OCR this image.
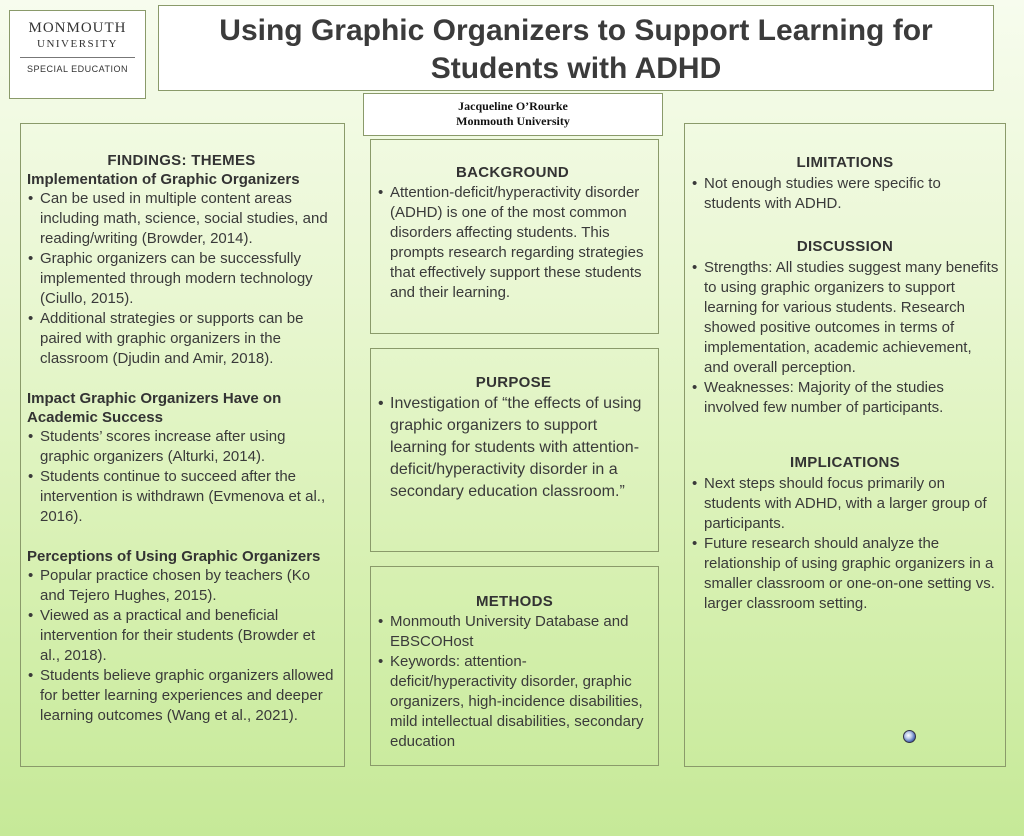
MONMOUTH
UNIVERSITY
SPECIAL EDUCATION
Using Graphic Organizers to Support Learning for Students with ADHD
Jacqueline O’Rourke
Monmouth University
FINDINGS: THEMES
Implementation of Graphic Organizers
• Can be used in multiple content areas including math, science, social studies, and reading/writing (Browder, 2014).
• Graphic organizers can be successfully implemented through modern technology (Ciullo, 2015).
• Additional strategies or supports can be paired with graphic organizers in the classroom (Djudin and Amir, 2018).
Impact Graphic Organizers Have on Academic Success
• Students’ scores increase after using graphic organizers (Alturki, 2014).
• Students continue to succeed after the intervention is withdrawn (Evmenova et al., 2016).
Perceptions of Using Graphic Organizers
• Popular practice chosen by teachers (Ko and Tejero Hughes, 2015).
• Viewed as a practical and beneficial intervention for their students (Browder et al., 2018).
• Students believe graphic organizers allowed for better learning experiences and deeper learning outcomes (Wang et al., 2021).
BACKGROUND
• Attention-deficit/hyperactivity disorder (ADHD) is one of the most common disorders affecting students. This prompts research regarding strategies that effectively support these students and their learning.
PURPOSE
• Investigation of “the effects of using graphic organizers to support learning for students with attention-deficit/hyperactivity disorder in a secondary education classroom.”
METHODS
• Monmouth University Database and EBSCOHost
• Keywords: attention-deficit/hyperactivity disorder, graphic organizers, high-incidence disabilities, mild intellectual disabilities, secondary education
LIMITATIONS
• Not enough studies were specific to students with ADHD.
DISCUSSION
• Strengths: All studies suggest many benefits to using graphic organizers to support learning for various students. Research showed positive outcomes in terms of implementation, academic achievement, and overall perception.
• Weaknesses: Majority of the studies involved few number of participants.
IMPLICATIONS
• Next steps should focus primarily on students with ADHD, with a larger group of participants.
• Future research should analyze the relationship of using graphic organizers in a smaller classroom or one-on-one setting vs. larger classroom setting.
